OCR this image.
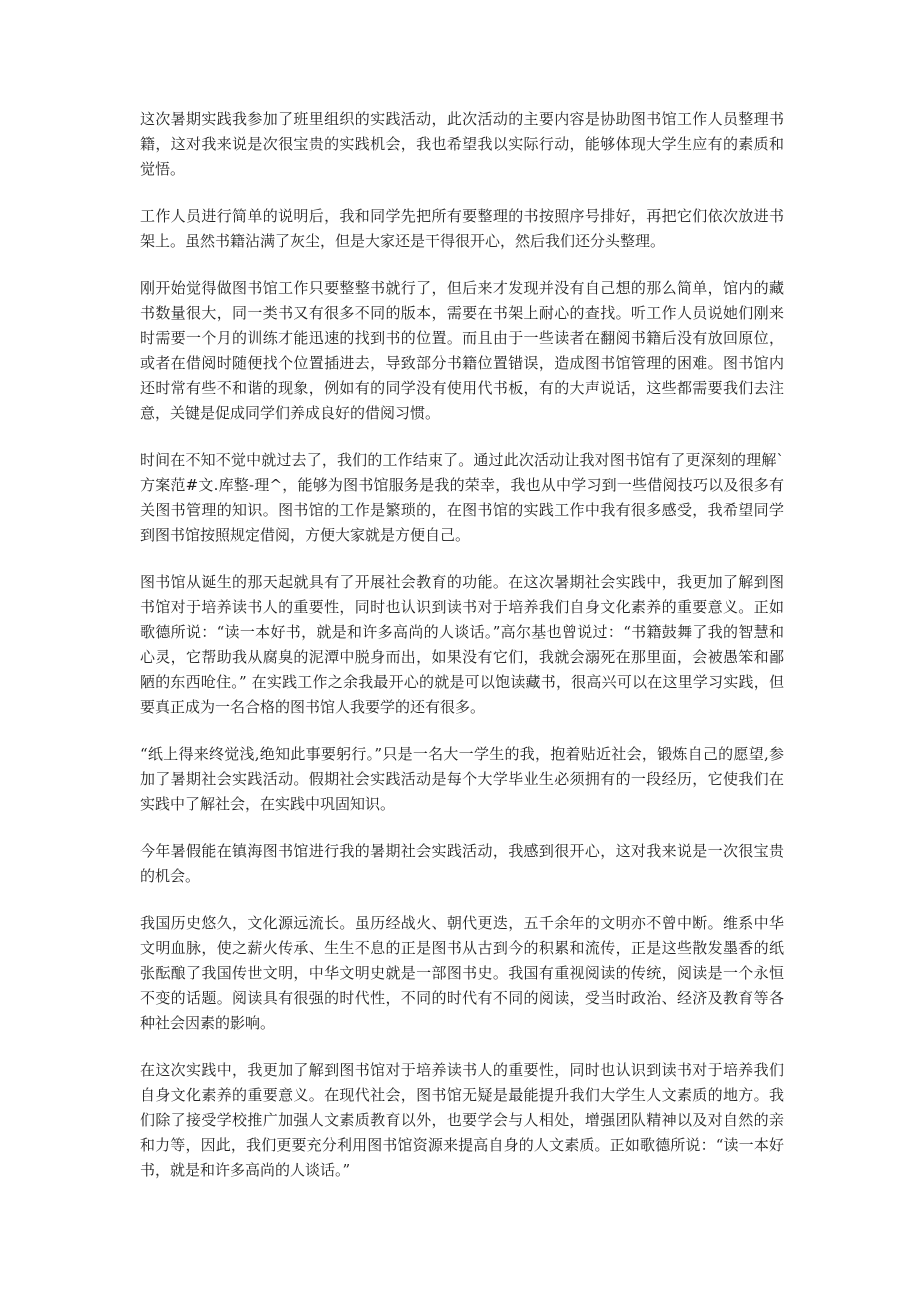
这次暑期实践我参加了班里组织的实践活动，此次活动的主要内容是协助图书馆工作人员整理书籍，这对我来说是次很宝贵的实践机会，我也希望我以实际行动，能够体现大学生应有的素质和觉悟。

工作人员进行简单的说明后，我和同学先把所有要整理的书按照序号排好，再把它们依次放进书架上。虽然书籍沾满了灰尘，但是大家还是干得很开心，然后我们还分头整理。

刚开始觉得做图书馆工作只要整整书就行了，但后来才发现并没有自己想的那么简单，馆内的藏书数量很大，同一类书又有很多不同的版本，需要在书架上耐心的查找。听工作人员说她们刚来时需要一个月的训练才能迅速的找到书的位置。而且由于一些读者在翻阅书籍后没有放回原位，或者在借阅时随便找个位置插进去，导致部分书籍位置错误，造成图书馆管理的困难。图书馆内还时常有些不和谐的现象，例如有的同学没有使用代书板，有的大声说话，这些都需要我们去注意，关键是促成同学们养成良好的借阅习惯。

时间在不知不觉中就过去了，我们的工作结束了。通过此次活动让我对图书馆有了更深刻的理解`方案范#文.库整-理^，能够为图书馆服务是我的荣幸，我也从中学习到一些借阅技巧以及很多有关图书管理的知识。图书馆的工作是繁琐的，在图书馆的实践工作中我有很多感受，我希望同学到图书馆按照规定借阅，方便大家就是方便自己。

图书馆从诞生的那天起就具有了开展社会教育的功能。在这次暑期社会实践中，我更加了解到图书馆对于培养读书人的重要性，同时也认识到读书对于培养我们自身文化素养的重要意义。正如歌德所说：“读一本好书，就是和许多高尚的人谈话。”高尔基也曾说过：“书籍鼓舞了我的智慧和心灵，它帮助我从腐臭的泥潭中脱身而出，如果没有它们，我就会溺死在那里面，会被愚笨和鄙陋的东西呛住。” 在实践工作之余我最开心的就是可以饱读藏书，很高兴可以在这里学习实践，但要真正成为一名合格的图书馆人我要学的还有很多。

“纸上得来终觉浅,绝知此事要躬行。”只是一名大一学生的我，抱着贴近社会，锻炼自己的愿望,参加了暑期社会实践活动。假期社会实践活动是每个大学毕业生必须拥有的一段经历，它使我们在实践中了解社会，在实践中巩固知识。

今年暑假能在镇海图书馆进行我的暑期社会实践活动，我感到很开心，这对我来说是一次很宝贵的机会。

我国历史悠久，文化源远流长。虽历经战火、朝代更迭，五千余年的文明亦不曾中断。维系中华文明血脉，使之薪火传承、生生不息的正是图书从古到今的积累和流传，正是这些散发墨香的纸张酝酿了我国传世文明，中华文明史就是一部图书史。我国有重视阅读的传统，阅读是一个永恒不变的话题。阅读具有很强的时代性，不同的时代有不同的阅读，受当时政治、经济及教育等各种社会因素的影响。

在这次实践中，我更加了解到图书馆对于培养读书人的重要性，同时也认识到读书对于培养我们自身文化素养的重要意义。在现代社会，图书馆无疑是最能提升我们大学生人文素质的地方。我们除了接受学校推广加强人文素质教育以外，也要学会与人相处，增强团队精神以及对自然的亲和力等，因此，我们更要充分利用图书馆资源来提高自身的人文素质。正如歌德所说：“读一本好书，就是和许多高尚的人谈话。”
